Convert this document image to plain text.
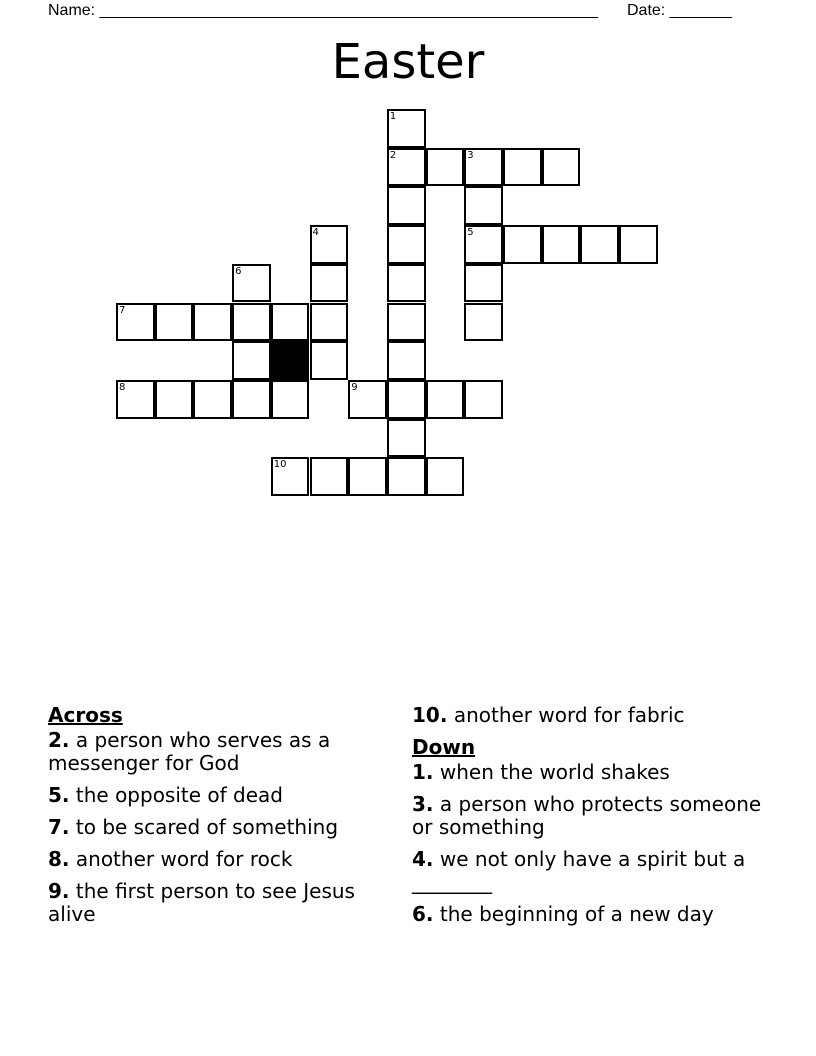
Name: ________________________________________________________ Date: _______
Easter
1
2	3
4	5
6
7
8	9
10
Across
2. a person who serves as a messenger for God
5. the opposite of dead
7. to be scared of something
8. another word for rock
9. the first person to see Jesus alive
10. another word for fabric
Down
1. when the world shakes
3. a person who protects someone or something
4. we not only have a spirit but a ________
6. the beginning of a new day
